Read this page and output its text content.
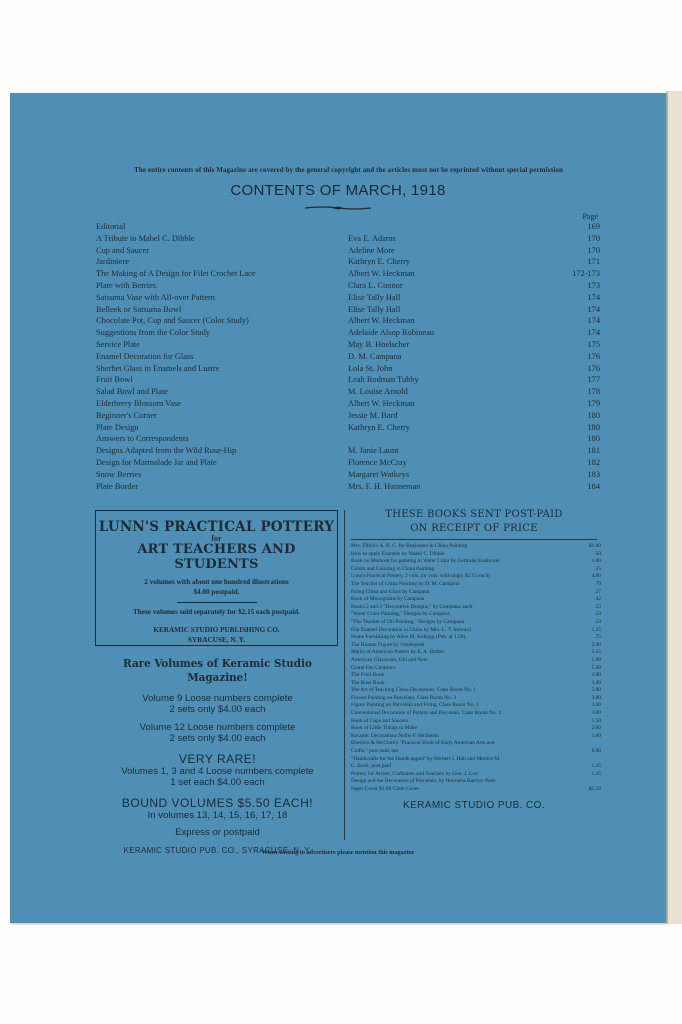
The entire contents of this Magazine are covered by the general copyright and the articles must not be reprinted without special permission
CONTENTS OF MARCH, 1918
Page
Editorial	169
A Tribute to Mabel C. Dibble	Eva E. Adams	170
Cup and Saucer	Adeline More	170
Jardiniere	Kathryn E. Cherry	171
The Making of A Design for Filet Crochet Lace	Albert W. Heckman	172-173
Plate with Berries	Clara L. Connor	173
Satsuma Vase with All-over Pattern	Elise Tally Hall	174
Belleek or Satsuma Bowl	Elise Tally Hall	174
Chocolate Pot, Cup and Saucer (Color Study)	Albert W. Heckman	174
Suggestions from the Color Study	Adelaide Alsop Robineau	174
Service Plate	May B. Hoelscher	175
Enamel Decoration for Glass	D. M. Campana	176
Sherbet Glass in Enamels and Lustre	Lola St. John	176
Fruit Bowl	Leah Rodman Tubby	177
Salad Bowl and Plate	M. Louise Arnold	178
Elderberry Blossom Vase	Albert W. Heckman	179
Beginner's Corner	Jessie M. Bard	180
Plate Design	Kathryn E. Cherry	180
Answers to Correspondents	180
Designs Adapted from the Wild Rose-Hip	M. Janie Launt	181
Design for Marmalade Jar and Plate	Florence McCray	182
Snow Berries	Margaret Watkeys	183
Plate Border	Mrs. F. H. Hanneman	184
LUNN'S PRACTICAL POTTERY
for
ART TEACHERS AND STUDENTS
2 volumes with about one hundred illustrations
$4.00 postpaid.
These volumes sold separately for $2.15 each postpaid.
KERAMIC STUDIO PUBLISHING CO.
SYRACUSE, N. Y.
Rare Volumes of Keramic Studio Magazine!
Volume 9 Loose numbers complete
2 sets only $4.00 each
Volume 12 Loose numbers complete
2 sets only $4.00 each
VERY RARE!
Volumes 1, 3 and 4 Loose numbers complete
1 set each $4.00 each
BOUND VOLUMES $5.50 EACH!
In volumes 13, 14, 15, 16, 17, 18
Express or postpaid
KERAMIC STUDIO PUB. CO., SYRACUSE, N. Y.
THESE BOOKS SENT POST-PAID
ON RECEIPT OF PRICE
Mrs. Filkin's A. B. C. for Beginners in China Painting	$1.00
How to apply Enamels by Mabel C. Dibble	.50
Book on Methods for painting in Water Color by Gertrude Estabrook	1.00
Colors and Coloring in China Painting	.25
Lunn's Practical Pottery, 2 vols. (or vols. sold singly $2.15 each)	4.00
The Teacher of China Painting by D. M. Campana	.79
Firing China and Glass by Campana	.27
Book of Monograms by Campana	.42
Books 2 and 3 "Decorative Designs," by Campana, each	.53
"Water Color Painting," Designs by Campana	.53
"The Teacher of Oil Painting," Designs by Campana	.53
Flat Enamel Decoration in China by Mrs. L. T. Steward	1.25
Home Furnishing by Alice M. Kellogg (Pub. at 1.50)	.75
The Human Figure by Vanderpoel	2.00
Marks of American Potters by E. A. Barber	2.25
American Glassware, Old and New	1.00
Grand Feu Ceramics	5.00
The Fruit Book	3.00
The Rose Book	3.00
The Art of Teaching China Decoration, Class Room No. 1	3.00
Flower Painting on Porcelain, Class Room No. 2	3.00
Figure Painting on Porcelain and Firing, Class Room No. 3	3.00
Conventional Decoration of Pottery and Porcelain, Class Room No. 4	3.00
Book of Cups and Saucers	1.50
Book of Little Things to Make	2.00
Keramic Decorations Nellie F. McIntosh	1.00
Eberlein & McClure's "Practical Book of Early American Arts and
Crafts," post paid, net	6.00
"Handicrafts for the Handicapped" by Herbert J. Hall and Mertice M.
C. Buck, post paid	1.35
Pottery for Artists, Craftsmen and Teachers by Geo. J. Cox	1.35
Design and the Decoration of Porcelain, by Henrietta Barclay Paist
Paper Cover $1.00 Cloth Cover	$2.50
KERAMIC STUDIO PUB. CO.
When writing to advertisers please mention this magazine
